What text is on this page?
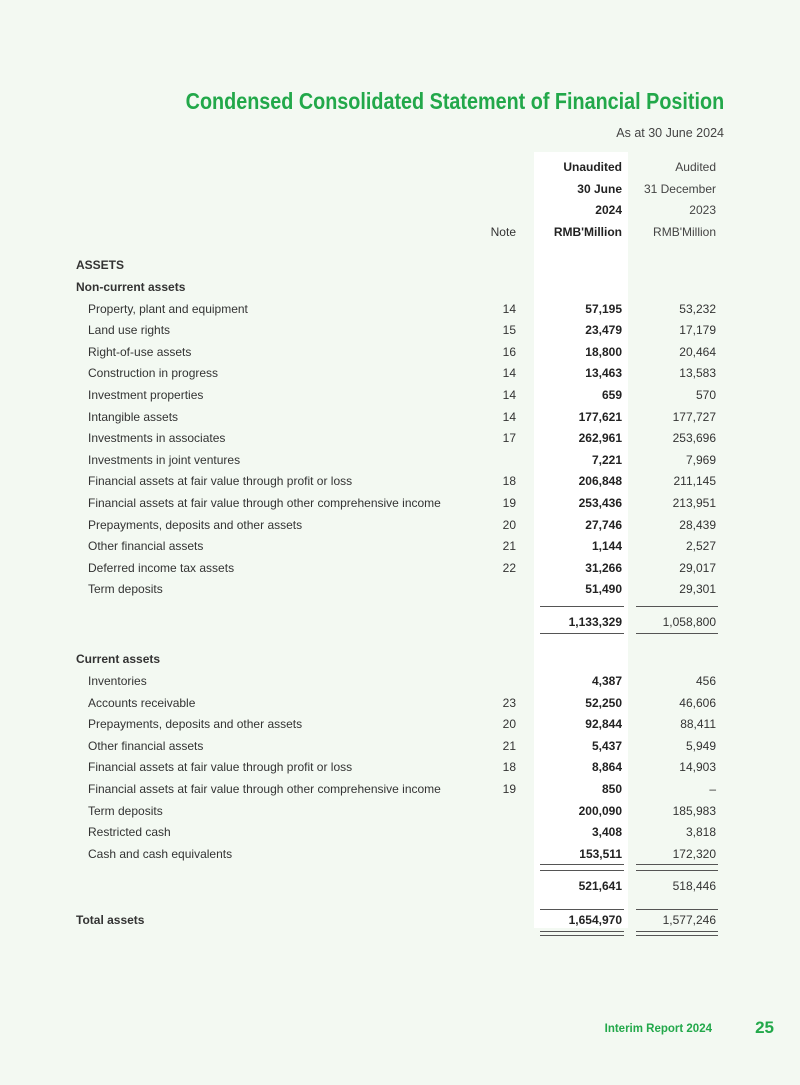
Condensed Consolidated Statement of Financial Position
As at 30 June 2024
Unaudited	Audited
30 June	31 December
2024	2023
Note	RMB'Million	RMB'Million
ASSETS
Non-current assets
Property, plant and equipment	14	57,195	53,232
Land use rights	15	23,479	17,179
Right-of-use assets	16	18,800	20,464
Construction in progress	14	13,463	13,583
Investment properties	14	659	570
Intangible assets	14	177,621	177,727
Investments in associates	17	262,961	253,696
Investments in joint ventures	7,221	7,969
Financial assets at fair value through profit or loss	18	206,848	211,145
Financial assets at fair value through other comprehensive income	19	253,436	213,951
Prepayments, deposits and other assets	20	27,746	28,439
Other financial assets	21	1,144	2,527
Deferred income tax assets	22	31,266	29,017
Term deposits	51,490	29,301
1,133,329	1,058,800
Current assets
Inventories	4,387	456
Accounts receivable	23	52,250	46,606
Prepayments, deposits and other assets	20	92,844	88,411
Other financial assets	21	5,437	5,949
Financial assets at fair value through profit or loss	18	8,864	14,903
Financial assets at fair value through other comprehensive income	19	850	–
Term deposits	200,090	185,983
Restricted cash	3,408	3,818
Cash and cash equivalents	153,511	172,320
521,641	518,446
Total assets	1,654,970	1,577,246
Interim Report 2024	25
